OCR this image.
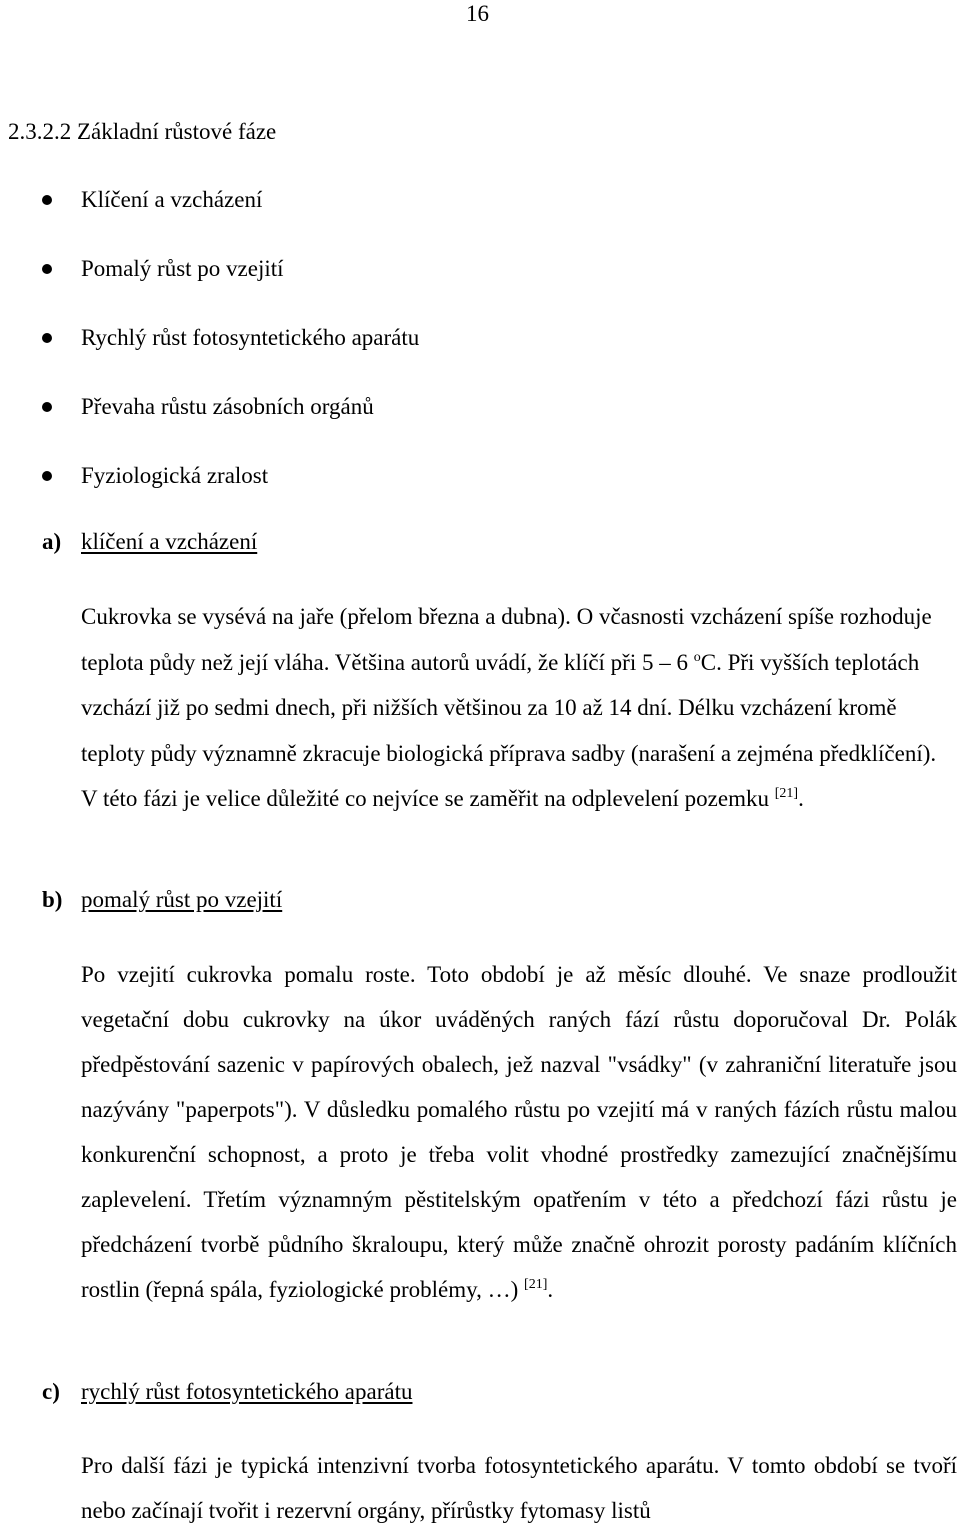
16
2.3.2.2 Základní růstové fáze
Klíčení a vzcházení
Pomalý růst po vzejití
Rychlý růst fotosyntetického aparátu
Převaha růstu zásobních orgánů
Fyziologická zralost
a) klíčení a vzcházení

Cukrovka se vysévá na jaře (přelom března a dubna). O včasnosti vzcházení spíše rozhoduje teplota půdy než její vláha. Většina autorů uvádí, že klíčí při 5 – 6 $^o$C. Při vyšších teplotách vzchází již po sedmi dnech, při nižších většinou za 10 až 14 dní. Délku vzcházení kromě teploty půdy významně zkracuje biologická příprava sadby (narašení a zejména předklíčení). V této fázi je velice důležité co nejvíce se zaměřit na odplevelení pozemku [21].

b) pomalý růst po vzejití

Po vzejití cukrovka pomalu roste. Toto období je až měsíc dlouhé. Ve snaze prodloužit vegetační dobu cukrovky na úkor uváděných raných fází růstu doporučoval Dr. Polák předpěstování sazenic v papírových obalech, jež nazval "vsádky" (v zahraniční literatuře jsou nazývány "paperpots"). V důsledku pomalého růstu po vzejití má v raných fázích růstu malou konkurenční schopnost, a proto je třeba volit vhodné prostředky zamezující značnějšímu zaplevelení. Třetím významným pěstitelským opatřením v této a předchozí fázi růstu je předcházení tvorbě půdního škraloupu, který může značně ohrozit porosty padáním klíčních rostlin (řepná spála, fyziologické problémy, …) [21].

c) rychlý růst fotosyntetického aparátu

Pro další fázi je typická intenzivní tvorba fotosyntetického aparátu. V tomto období se tvoří nebo začínají tvořit i rezervní orgány, přírůstky fytomasy listů
